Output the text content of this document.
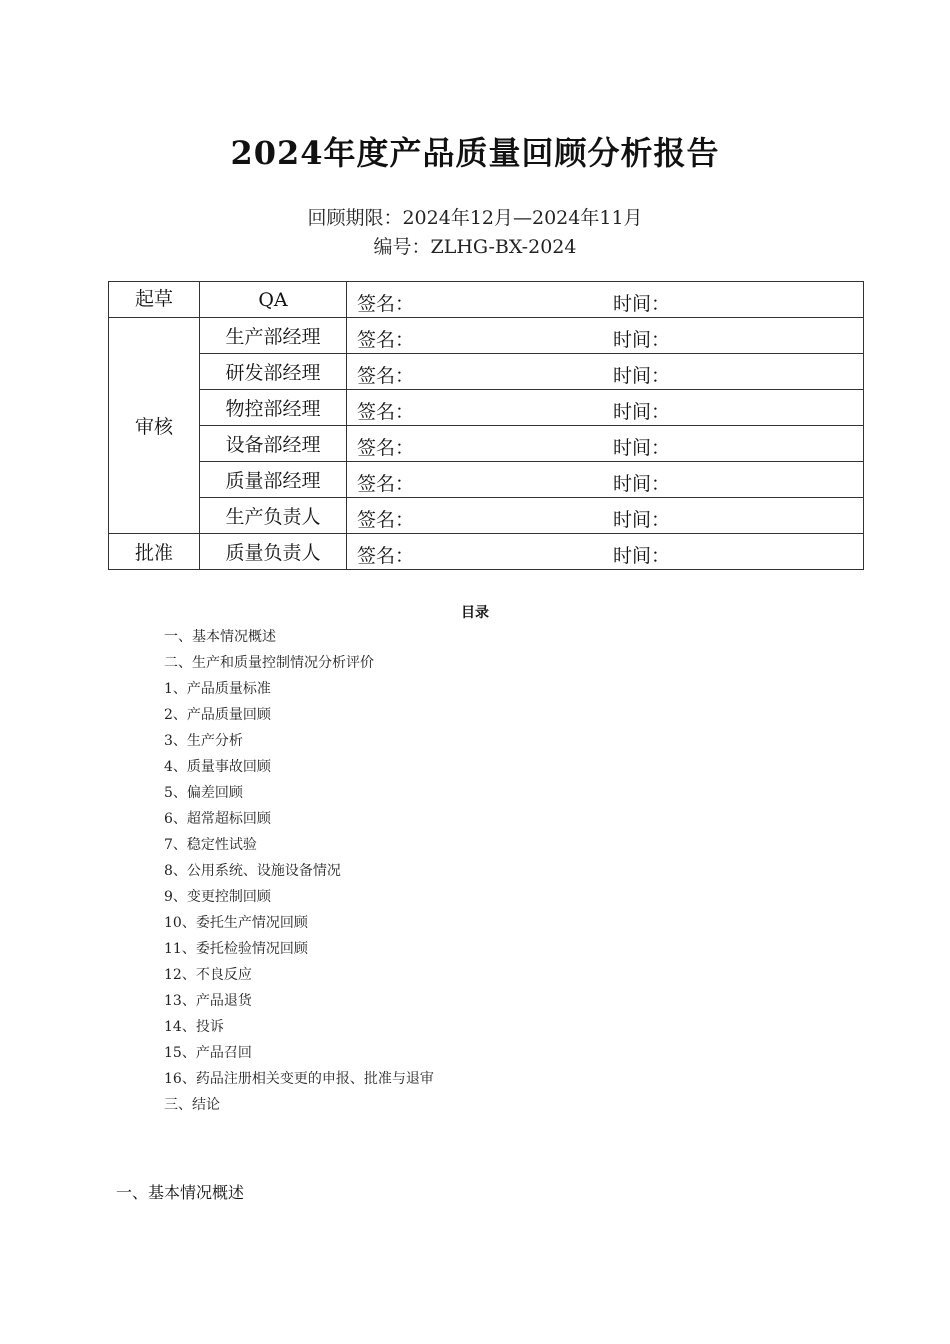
2024年度产品质量回顾分析报告
回顾期限：2024年12月—2024年11月
编号：ZLHG-BX-2024
起草	QA	签名： 时间：

审核	生产部经理	签名： 时间：

	研发部经理	签名： 时间：

	物控部经理	签名： 时间：

	设备部经理	签名： 时间：

	质量部经理	签名： 时间：

	生产负责人	签名： 时间：

批准	质量负责人	签名： 时间：
目录
一、基本情况概述
二、生产和质量控制情况分析评价
1、产品质量标准
2、产品质量回顾
3、生产分析
4、质量事故回顾
5、偏差回顾
6、超常超标回顾
7、稳定性试验
8、公用系统、设施设备情况
9、变更控制回顾
10、委托生产情况回顾
11、委托检验情况回顾
12、不良反应
13、产品退货
14、投诉
15、产品召回
16、药品注册相关变更的申报、批准与退审
三、结论
一、基本情况概述
